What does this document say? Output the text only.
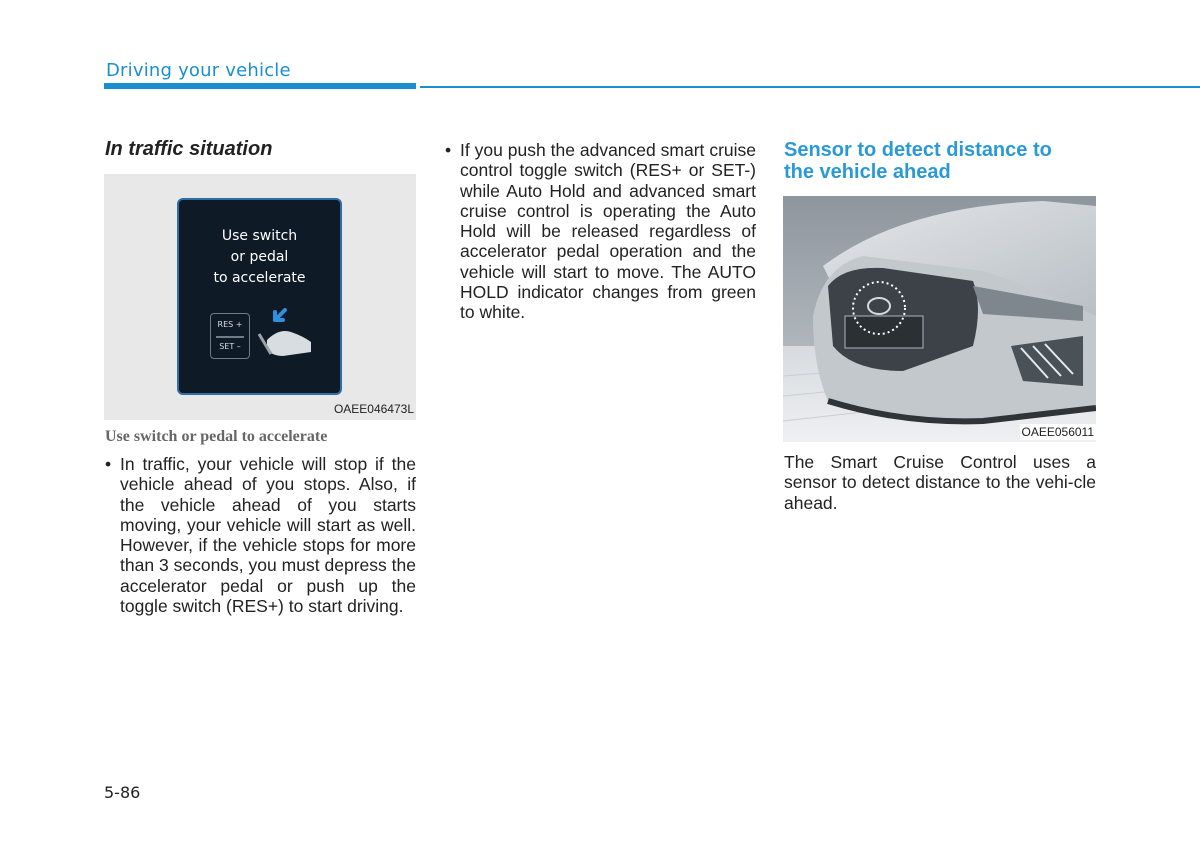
Driving your vehicle
In traffic situation
Use switch
or pedal
to accelerate
RES +
SET –
OAEE046473L
Use switch or pedal to accelerate
• In traffic, your vehicle will stop if the vehicle ahead of you stops. Also, if the vehicle ahead of you starts moving, your vehicle will start as well. However, if the vehicle stops for more than 3 seconds, you must depress the accelerator pedal or push up the toggle switch (RES+) to start driving.
• If you push the advanced smart cruise control toggle switch (RES+ or SET-) while Auto Hold and advanced smart cruise control is operating the Auto Hold will be released regardless of accelerator pedal operation and the vehicle will start to move. The AUTO HOLD indicator changes from green to white.
Sensor to detect distance to the vehicle ahead
OAEE056011
The Smart Cruise Control uses a sensor to detect distance to the vehi-cle ahead.
5-86
